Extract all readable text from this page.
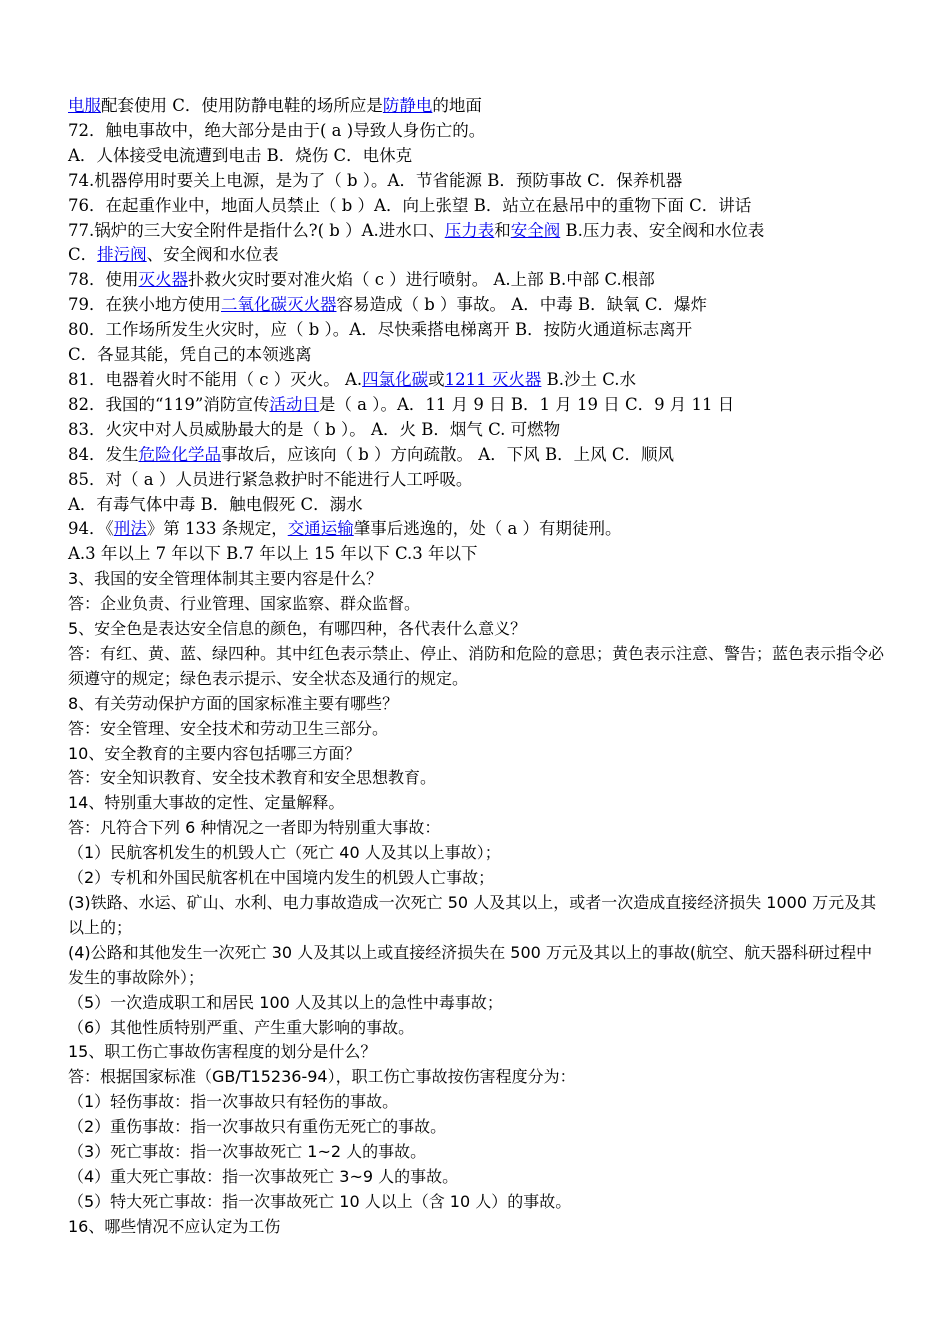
电服配套使用 C．使用防静电鞋的场所应是防静电的地面
72．触电事故中，绝大部分是由于( a )导致人身伤亡的。
A．人体接受电流遭到电击 B．烧伤 C．电休克
74.机器停用时要关上电源，是为了（ b ）。A．节省能源 B．预防事故 C．保养机器
76．在起重作业中，地面人员禁止（ b ）A．向上张望 B．站立在悬吊中的重物下面 C．讲话
77.锅炉的三大安全附件是指什么?( b ）A.进水口、压力表和安全阀 B.压力表、安全阀和水位表
C．排污阀、安全阀和水位表
78．使用灭火器扑救火灾时要对准火焰（ c ）进行喷射。 A.上部 B.中部 C.根部
79．在狭小地方使用二氧化碳灭火器容易造成（ b ）事故。 A．中毒 B．缺氧 C．爆炸
80．工作场所发生火灾时，应（ b ）。A．尽快乘搭电梯离开 B．按防火通道标志离开
C．各显其能，凭自己的本领逃离
81．电器着火时不能用（ c ）灭火。 A.四氯化碳或1211 灭火器 B.沙土 C.水
82．我国的“119”消防宣传活动日是（ a ）。A．11 月 9 日 B．1 月 19 日 C．9 月 11 日
83．火灾中对人员威胁最大的是（ b ）。 A．火 B．烟气 C. 可燃物
84．发生危险化学品事故后，应该向（ b ）方向疏散。 A．下风 B．上风 C．顺风
85．对（ a ）人员进行紧急救护时不能进行人工呼吸。
A．有毒气体中毒 B．触电假死 C．溺水
94．《刑法》第 133 条规定，交通运输肇事后逃逸的，处（ a ）有期徒刑。
A.3 年以上 7 年以下 B.7 年以上 15 年以下 C.3 年以下
3、我国的安全管理体制其主要内容是什么？
答：企业负责、行业管理、国家监察、群众监督。
5、安全色是表达安全信息的颜色，有哪四种，各代表什么意义？
答：有红、黄、蓝、绿四种。其中红色表示禁止、停止、消防和危险的意思；黄色表示注意、警告；蓝色表示指令必须遵守的规定；绿色表示提示、安全状态及通行的规定。
8、有关劳动保护方面的国家标准主要有哪些？
答：安全管理、安全技术和劳动卫生三部分。
10、安全教育的主要内容包括哪三方面？
答：安全知识教育、安全技术教育和安全思想教育。
14、特别重大事故的定性、定量解释。
答：凡符合下列 6 种情况之一者即为特别重大事故：
（1）民航客机发生的机毁人亡（死亡 40 人及其以上事故）；
（2）专机和外国民航客机在中国境内发生的机毁人亡事故；
(3)铁路、水运、矿山、水利、电力事故造成一次死亡 50 人及其以上，或者一次造成直接经济损失 1000 万元及其以上的；
(4)公路和其他发生一次死亡 30 人及其以上或直接经济损失在 500 万元及其以上的事故(航空、航天器科研过程中发生的事故除外）；
（5）一次造成职工和居民 100 人及其以上的急性中毒事故；
（6）其他性质特别严重、产生重大影响的事故。
15、职工伤亡事故伤害程度的划分是什么？
答：根据国家标准（GB/T15236-94），职工伤亡事故按伤害程度分为：
（1）轻伤事故：指一次事故只有轻伤的事故。
（2）重伤事故：指一次事故只有重伤无死亡的事故。
（3）死亡事故：指一次事故死亡 1~2 人的事故。
（4）重大死亡事故：指一次事故死亡 3~9 人的事故。
（5）特大死亡事故：指一次事故死亡 10 人以上（含 10 人）的事故。
16、哪些情况不应认定为工伤
